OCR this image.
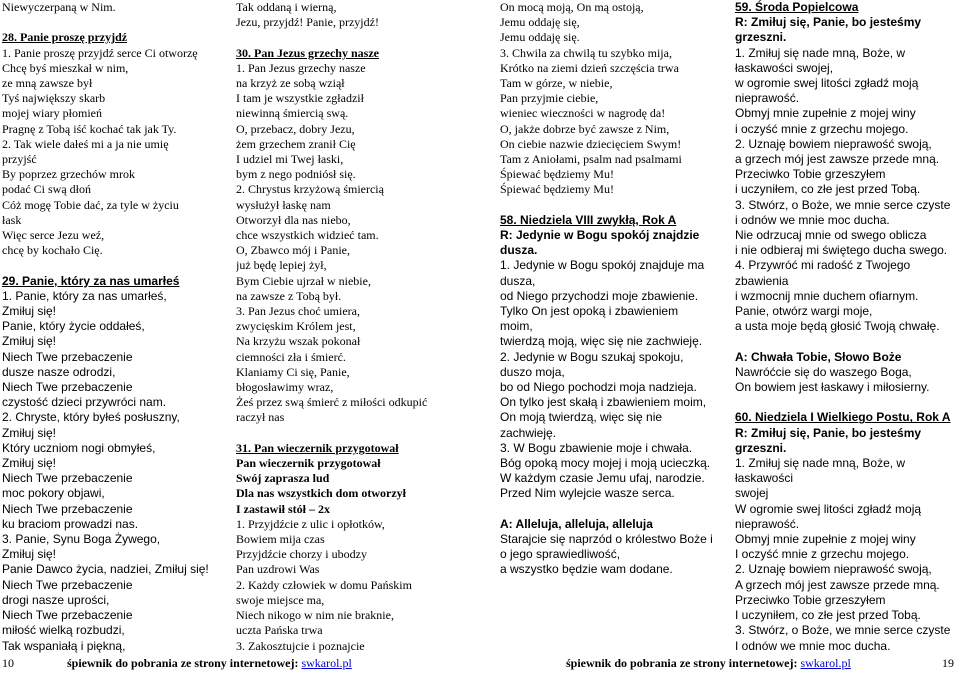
Niewyczerpaną w Nim.
28. Panie proszę przyjdź
1. Panie proszę przyjdź serce Ci otworzę
Chcę byś mieszkał w nim,
ze mną zawsze był
Tyś największy skarb
mojej wiary płomień
Pragnę z Tobą iść kochać tak jak Ty.
2. Tak wiele dałeś mi a ja nie umię
przyjść
By poprzez grzechów mrok
podać Ci swą dłoń
Cóż mogę Tobie dać, za tyle w życiu
łask
Więc serce Jezu weź,
chcę by kochało Cię.
29. Panie, który za nas umarłeś
1. Panie, który za nas umarłeś,
Zmiłuj się!
Panie, który życie oddałeś,
Zmiłuj się!
Niech Twe przebaczenie
dusze nasze odrodzi,
Niech Twe przebaczenie
czystość dzieci przywróci nam.
2. Chryste, który byłeś posłuszny,
Zmiłuj się!
Który uczniom nogi obmyłeś,
Zmiłuj się!
Niech Twe przebaczenie
moc pokory objawi,
Niech Twe przebaczenie
ku braciom prowadzi nas.
3. Panie, Synu Boga Żywego,
Zmiłuj się!
Panie Dawco życia, nadziei, Zmiłuj się!
Niech Twe przebaczenie
drogi nasze uprości,
Niech Twe przebaczenie
miłość wielką rozbudzi,
Tak wspaniałą i piękną,
Tak oddaną i wierną,
Jezu, przyjdź! Panie, przyjdź!
30. Pan Jezus grzechy nasze
1. Pan Jezus grzechy nasze
na krzyż ze sobą wziął
I tam je wszystkie zgładził
niewinną śmiercią swą.
O, przebacz, dobry Jezu,
żem grzechem zranił Cię
I udziel mi Twej łaski,
bym z nego podniósł się.
2. Chrystus krzyżową śmiercią
wysłużył łaskę nam
Otworzył dla nas niebo,
chce wszystkich widzieć tam.
O, Zbawco mój i Panie,
już będę lepiej żył,
Bym Ciebie ujrzał w niebie,
na zawsze z Tobą był.
3. Pan Jezus choć umiera,
zwycięskim Królem jest,
Na krzyżu wszak pokonał
ciemności zła i śmierć.
Klaniamy Ci się, Panie,
błogosławimy wraz,
Żeś przez swą śmierć z miłości odkupić
raczył nas
31. Pan wieczernik przygotował
Pan wieczernik przygotował
Swój zaprasza lud
Dla nas wszystkich dom otworzył
I zastawił stół – 2x
1. Przyjdźcie z ulic i opłotków,
Bowiem mija czas
Przyjdźcie chorzy i ubodzy
Pan uzdrowi Was
2. Każdy człowiek w domu Pańskim
swoje miejsce ma,
Niech nikogo w nim nie braknie,
uczta Pańska trwa
3. Zakosztujcie i poznajcie
On mocą moją, On mą ostoją,
Jemu oddaję się,
Jemu oddaję się.
3. Chwila za chwilą tu szybko mija,
Krótko na ziemi dzień szczęścia trwa
Tam w górze, w niebie,
Pan przyjmie ciebie,
wieniec wieczności w nagrodę da!
O, jakże dobrze być zawsze z Nim,
On ciebie nazwie dziecięciem Swym!
Tam z Aniołami, psalm nad psalmami
Śpiewać będziemy Mu!
Śpiewać będziemy Mu!
58. Niedziela VIII zwykłą, Rok A
R: Jedynie w Bogu spokój znajdzie
dusza.
1. Jedynie w Bogu spokój znajduje ma
dusza,
od Niego przychodzi moje zbawienie.
Tylko On jest opoką i zbawieniem
moim,
twierdzą moją, więc się nie zachwieję.
2. Jedynie w Bogu szukaj spokoju,
duszo moja,
bo od Niego pochodzi moja nadzieja.
On tylko jest skałą i zbawieniem moim,
On moją twierdzą, więc się nie
zachwieję.
3. W Bogu zbawienie moje i chwała.
Bóg opoką mocy mojej i moją ucieczką.
W każdym czasie Jemu ufaj, narodzie.
Przed Nim wylejcie wasze serca.
A: Alleluja, alleluja, alleluja
Starajcie się naprzód o królestwo Boże i
o jego sprawiedliwość,
a wszystko będzie wam dodane.
59. Środa Popielcowa
R: Zmiłuj się, Panie, bo jesteśmy
grzeszni.
1. Zmiłuj się nade mną, Boże, w
łaskawości swojej,
w ogromie swej litości zgładź moją
nieprawość.
Obmyj mnie zupełnie z mojej winy
i oczyść mnie z grzechu mojego.
2. Uznaję bowiem nieprawość swoją,
a grzech mój jest zawsze przede mną.
Przeciwko Tobie grzeszyłem
i uczyniłem, co złe jest przed Tobą.
3. Stwórz, o Boże, we mnie serce czyste
i odnów we mnie moc ducha.
Nie odrzucaj mnie od swego oblicza
i nie odbieraj mi świętego ducha swego.
4. Przywróć mi radość z Twojego
zbawienia
i wzmocnij mnie duchem ofiarnym.
Panie, otwórz wargi moje,
a usta moje będą głosić Twoją chwałę.
A: Chwała Tobie, Słowo Boże
Nawróćcie się do waszego Boga,
On bowiem jest łaskawy i miłosierny.
60. Niedziela I Wielkiego Postu, Rok A
R: Zmiłuj się, Panie, bo jesteśmy
grzeszni.
1. Zmiłuj się nade mną, Boże, w
łaskawości
swojej
W ogromie swej litości zgładź moją
nieprawość.
Obmyj mnie zupełnie z mojej winy
I oczyść mnie z grzechu mojego.
2. Uznaję bowiem nieprawość swoją,
A grzech mój jest zawsze przede mną.
Przeciwko Tobie grzeszyłem
I uczyniłem, co złe jest przed Tobą.
3. Stwórz, o Boże, we mnie serce czyste
I odnów we mnie moc ducha.
10	śpiewnik do pobrania ze strony internetowej: swkarol.pl	śpiewnik do pobrania ze strony internetowej: swkarol.pl	19
